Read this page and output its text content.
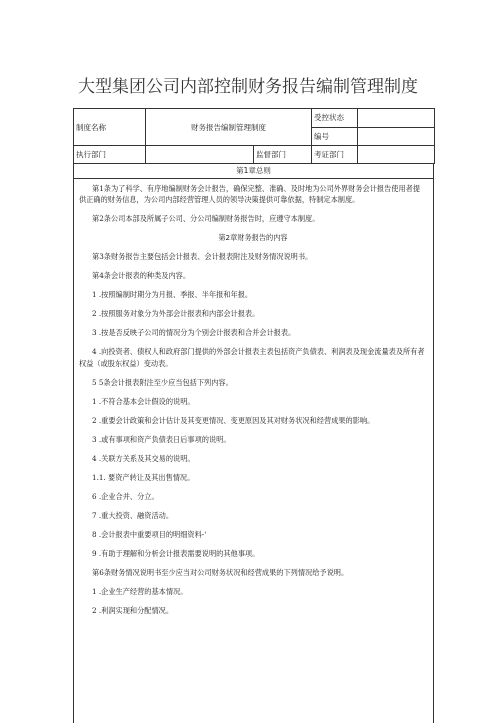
大型集团公司内部控制财务报告编制管理制度
制度名称	财务报告编制管理制度		受控状态	
			编号	
执行部门		监督部门	考证部门	
第1章总则

第1条为了科学、有序地编制财务会计报告，确保完整、准确、及时地为公司外界财务会计报告使用者提供正确的财务信息，为公司内部经营管理人员的领导决策提供可靠依据，特制定本制度。

第2条公司本部及所属子公司、分公司编制财务报告时，应遵守本制度。

第2章财务报告的内容

第3条财务报告主要包括会计报表、会计报表附注及财务情况说明书。

第4条会计报表的种类及内容。

1 .按照编制时期分为月报、季报、半年报和年报。

2 .按照服务对象分为外部会计报表和内部会计报表。

3 .按是否反映子公司的情况分为个别会计报表和合并会计报表。

4 .向投资者、债权人和政府部门提供的外部会计报表主表包括资产负债表、利润表及现金流量表及所有者权益（或股东权益）变动表。

5 5条会计报表附注至少应当包括下列内容。

1 .不符合基本会计假设的说明。

2 .重要会计政策和会计估计及其变更情况、变更原因及其对财务状况和经营成果的影响。

3 .或有事项和资产负债表日后事项的说明。

4 .关联方关系及其交易的说明。

1.1. 要资产转让及其出售情况。

6 .企业合并、分立。

7 .重大投资、融资活动。

8 .会计报表中重要项目的明细资料-'

9 .有助于理解和分析会计报表需要说明的其他事项。

第6条财务情况说明书至少应当对公司财务状况和经营成果的下列情况给予说明。

1 .企业生产经营的基本情况。

2 .利润实现和分配情况。
